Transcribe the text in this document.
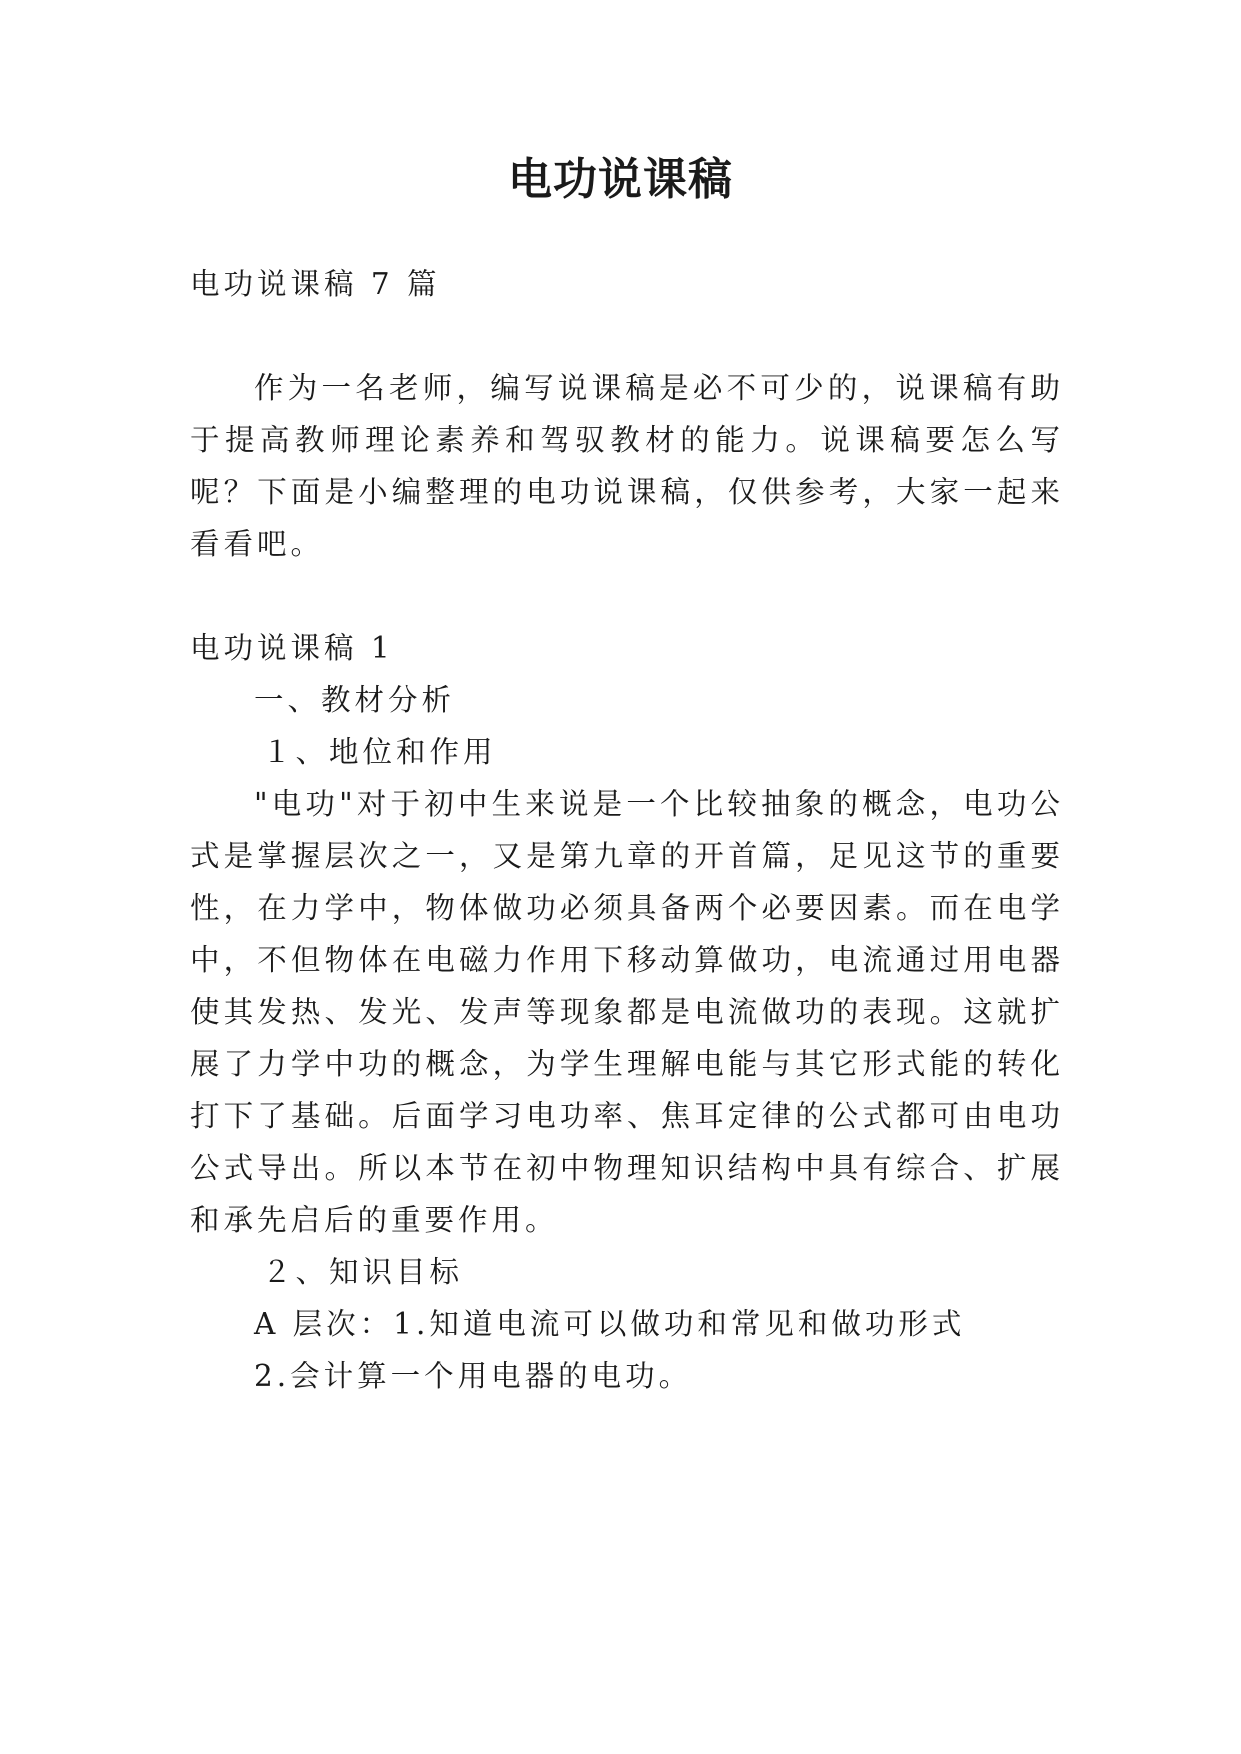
电功说课稿
电功说课稿 7 篇
作为一名老师，编写说课稿是必不可少的，说课稿有助
于提高教师理论素养和驾驭教材的能力。说课稿要怎么写
呢？下面是小编整理的电功说课稿，仅供参考，大家一起来
看看吧。
电功说课稿 1
一、教材分析
１、地位和作用
"电功"对于初中生来说是一个比较抽象的概念，电功公
式是掌握层次之一，又是第九章的开首篇，足见这节的重要
性，在力学中，物体做功必须具备两个必要因素。而在电学
中，不但物体在电磁力作用下移动算做功，电流通过用电器
使其发热、发光、发声等现象都是电流做功的表现。这就扩
展了力学中功的概念，为学生理解电能与其它形式能的转化
打下了基础。后面学习电功率、焦耳定律的公式都可由电功
公式导出。所以本节在初中物理知识结构中具有综合、扩展
和承先启后的重要作用。
２、知识目标
A 层次：1.知道电流可以做功和常见和做功形式
2.会计算一个用电器的电功。
